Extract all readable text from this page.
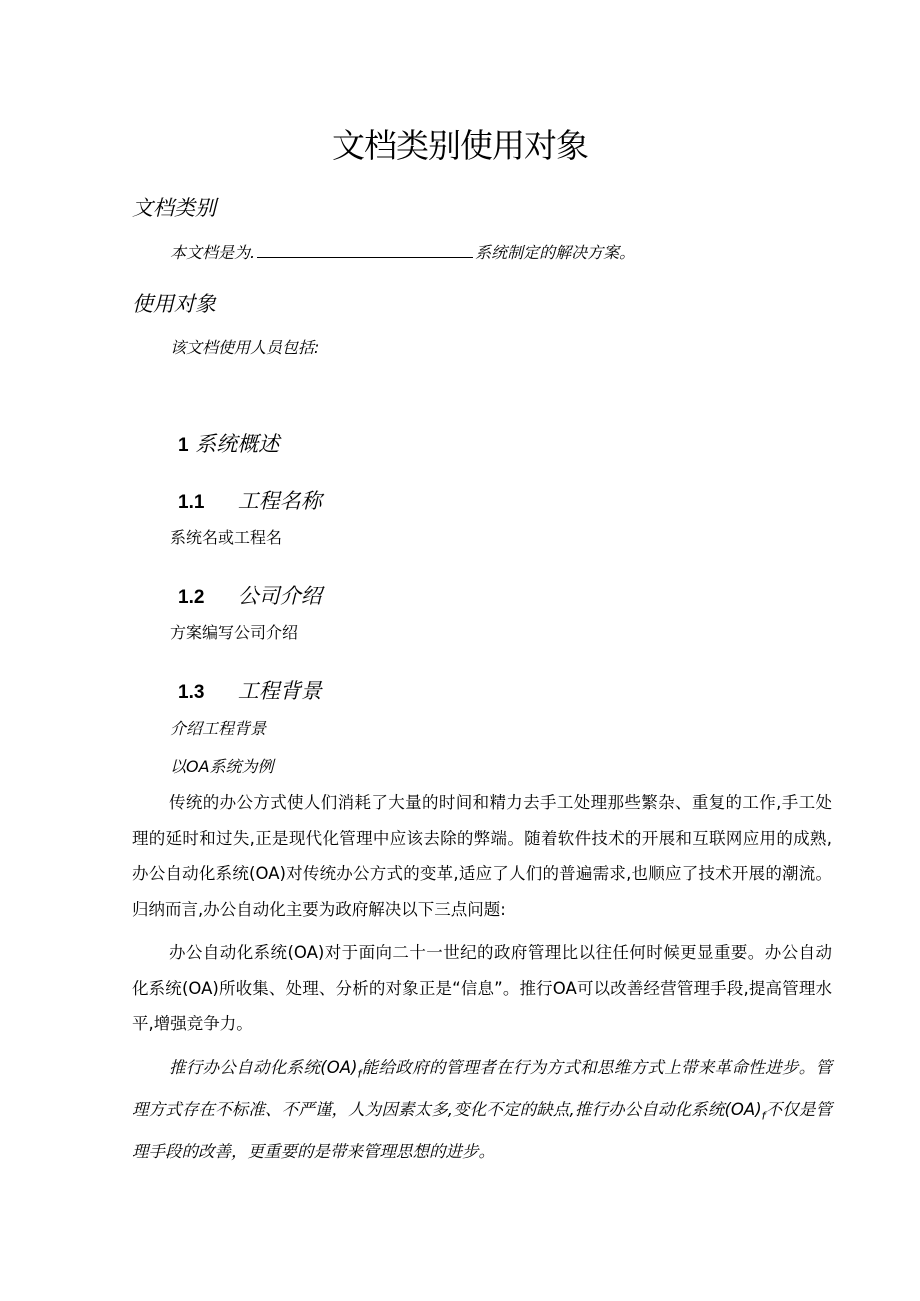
文档类别使用对象
文档类别
本文档是为.	系统制定的解决方案。
使用对象
该文档使用人员包括:
1 系统概述
1.1 工程名称
系统名或工程名
1.2 公司介绍
方案编写公司介绍
1.3 工程背景
介绍工程背景
以OA系统为例
传统的办公方式使人们消耗了大量的时间和精力去手工处理那些繁杂、重复的工作,手工处理的延时和过失,正是现代化管理中应该去除的弊端。随着软件技术的开展和互联网应用的成熟,办公自动化系统(OA)对传统办公方式的变革,适应了人们的普遍需求,也顺应了技术开展的潮流。归纳而言,办公自动化主要为政府解决以下三点问题:
办公自动化系统(OA)对于面向二十一世纪的政府管理比以往任何时候更显重要。办公自动化系统(OA)所收集、处理、分析的对象正是“信息”。推行OA可以改善经营管理手段,提高管理水平,增强竞争力。
推行办公自动化系统$(OA)_f$能给政府的管理者在行为方式和思维方式上带来革命性进步。管理方式存在不标准、不严谨，人为因素太多,变化不定的缺点,推行办公自动化系统$(OA)_f$不仅是管理手段的改善，更重要的是带来管理思想的进步。
